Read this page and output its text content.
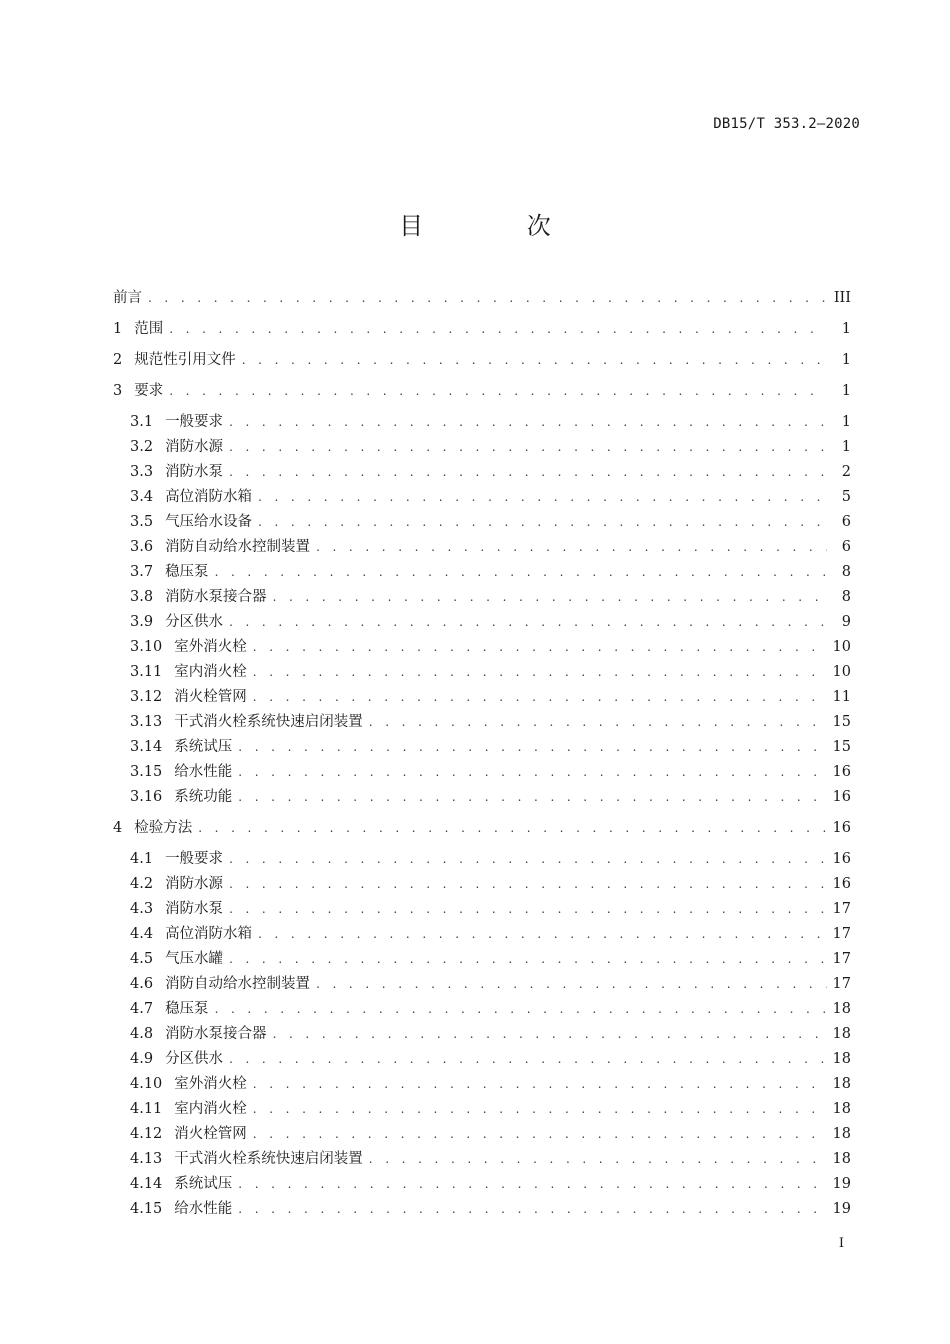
DB15/T 353.2—2020
目 次
前言 . . .	III
1 范围 . . .	1
2 规范性引用文件 . . .	1
3 要求 . . .	1
3.1 一般要求 . . .	1
3.2 消防水源 . . .	1
3.3 消防水泵 . . .	2
3.4 高位消防水箱 . . .	5
3.5 气压给水设备 . . .	6
3.6 消防自动给水控制装置 . . .	6
3.7 稳压泵 . . .	8
3.8 消防水泵接合器 . . .	8
3.9 分区供水 . . .	9
3.10 室外消火栓 . . .	10
3.11 室内消火栓 . . .	10
3.12 消火栓管网 . . .	11
3.13 干式消火栓系统快速启闭装置 . . .	15
3.14 系统试压 . . .	15
3.15 给水性能 . . .	16
3.16 系统功能 . . .	16
4 检验方法 . . .	16
4.1 一般要求 . . .	16
4.2 消防水源 . . .	16
4.3 消防水泵 . . .	17
4.4 高位消防水箱 . . .	17
4.5 气压水罐 . . .	17
4.6 消防自动给水控制装置 . . .	17
4.7 稳压泵 . . .	18
4.8 消防水泵接合器 . . .	18
4.9 分区供水 . . .	18
4.10 室外消火栓 . . .	18
4.11 室内消火栓 . . .	18
4.12 消火栓管网 . . .	18
4.13 干式消火栓系统快速启闭装置 . . .	18
4.14 系统试压 . . .	19
4.15 给水性能 . . .	19
I
